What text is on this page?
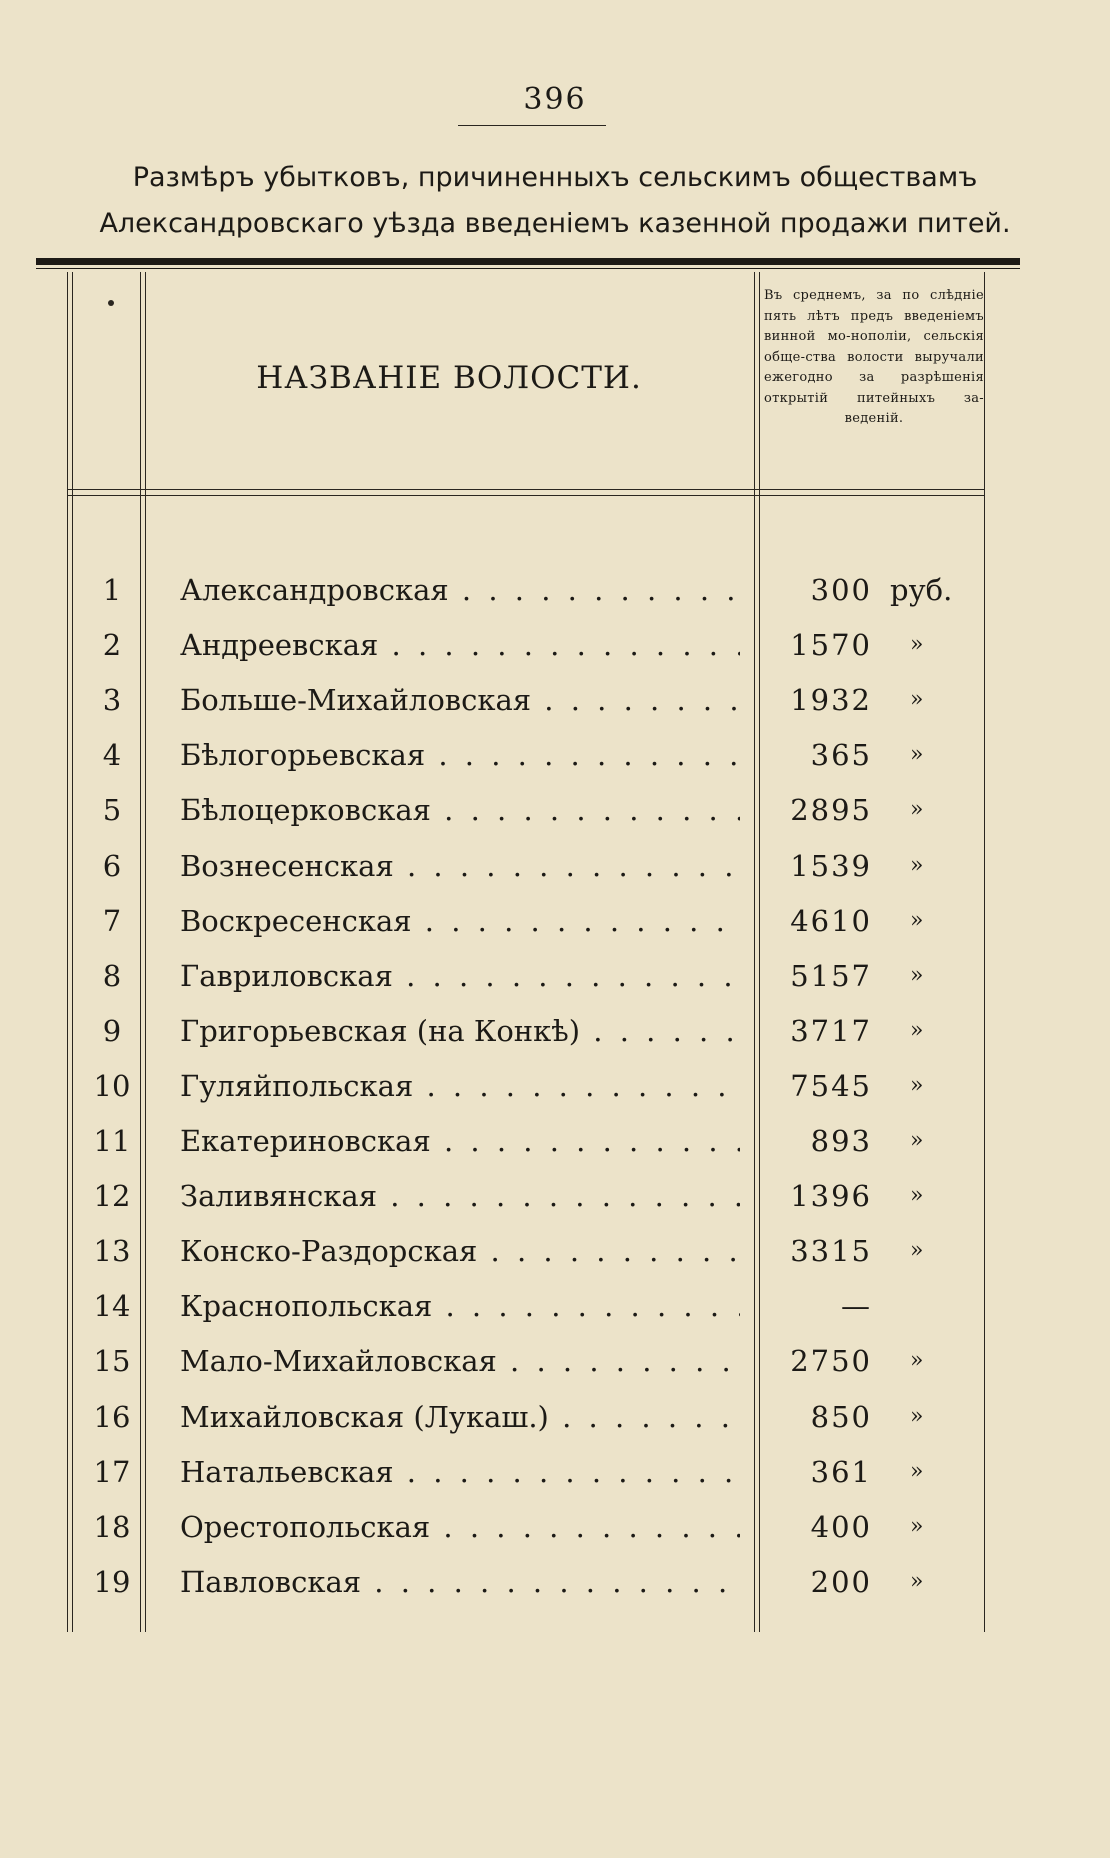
396
Размѣръ убытковъ, причиненныхъ сельскимъ обществамъ
Александровскаго уѣзда введеніемъ казенной продажи питей.
НАЗВАНІЕ ВОЛОСТИ.
Въ среднемъ, за по слѣдніе пять лѣтъ предъ введеніемъ винной мо-нополіи, сельскія обще-ства волости выручали ежегодно за разрѣшенія открытій питейныхъ за-веденій.
1	Александровская . . .	300 руб.
2	Андреевская . . .	1570 »
3	Больше-Михайловская . . .	1932 »
4	Бѣлогорьевская . . .	365 »
5	Бѣлоцерковская . . .	2895 »
6	Вознесенская . . .	1539 »
7	Воскресенская . . .	4610 »
8	Гавриловская . . .	5157 »
9	Григорьевская (на Конкѣ) . . .	3717 »
10	Гуляйпольская . . .	7545 »
11	Екатериновская . . .	893 »
12	Заливянская . . .	1396 »
13	Конско-Раздорская . . .	3315 »
14	Краснопольская . . .	—
15	Мало-Михайловская . . .	2750 »
16	Михайловская (Лукаш.) . . .	850 »
17	Натальевская . . .	361 »
18	Орестопольская . . .	400 »
19	Павловская . . .	200 »
